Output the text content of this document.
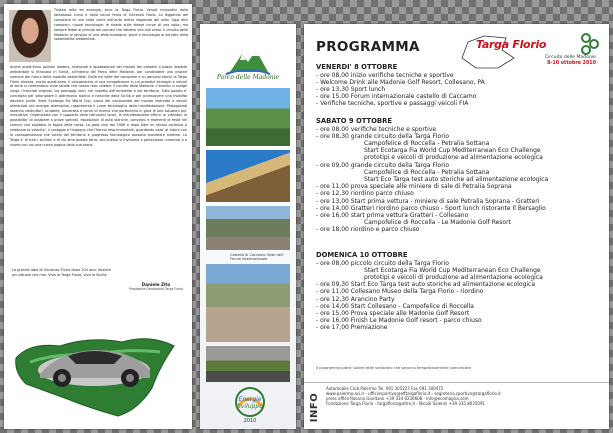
Tiziana mito ed ecologia, ecco la Targa Florio. Veicoli innovativi dalla fantasiosa curva e dalla sicura firma di Vincenzo Florio. La leggenda del campione di una volta come dall'auto mitica leggenda del mito. Oggi altri campioni, nuove tecnologie: le strade sulle stesse curve di una volta, ma sempre fedeli ai principi dei pionieri che diedero vita alla corsa. Il circuito delle Madonie al servizio di una sfida ecologica: sport e tecnologia al servizio della sostenibilita ambientale.

Anche quest'anno opinion leaders, scienziati e appassionati del mondo dei prodotti a basso impatto ambientale si ritrovano in Sicilia, all'interno del Parco delle Madonie, per condividere una visione comune del futuro della mobilita sostenibile. Dalla tre volte del campione e su percorsi storici la Targa Florio diventa, anche quest'anno, il palcoscenico di una competizione in cui prototipi ecologici e veicoli di serie si confrontano sulle strade che hanno reso celebre il circuito delle Madonie. L'evento si svolge lungo i tracciati originali, tra paesaggi unici, nel rispetto dell'ambiente e del territorio. Tutto questo e' concepito per valorizzare il patrimonio storico e naturale della Sicilia e per promuovere una mobilita davvero pulita. Start Ecotarga Fia World Cup, prova del campionato del mondo riservata a veicoli alimentati con energie alternative, rappresenta il cuore tecnologico della manifestazione. Protagonisti saranno costruttori, scuderie, universita e centri di ricerca che porteranno in gara le loro soluzioni piu' innovative. Organizzata con il supporto delle istituzioni locali, la manifestazione offrira' ai visitatori la possibilita' di assistere a prove speciali, esposizioni di auto storiche, convegni e momenti di festa nei comuni che ospitano le tappe della corsa. La gara vive dal 1906 e dopo oltre un secolo continua a celebrare la velocita', il coraggio e l'ingegno che l'hanno resa immortale, guardando pero' al futuro con la consapevolezza che tutela del territorio e progresso tecnologico possono procedere insieme. La Targa e' di tutti i siciliani e di chi ama questa terra: per questo vi invitiamo a partecipare numerosi e a vivere con noi una nuova pagina della sua storia.

La grande idea di Vincenzo Florio dopo 104 anni diventa piu attuale che mai. Viva la Targa Florio, viva la Sicilia.
Daniele Zito
Presidente Fondazione Targa Florio
Parco delle Madonie
Castello di Caccamo Sede dell' Forum internazionale
Energie
Sviluppo
2010
PROGRAMMA	Targa Florio
Circuito delle Madonie
8-10 ottobre 2010

VENERDI' 8 OTTOBRE

- ore 08,00 inizio verifiche tecniche e sportive

- Welcome Drink alle Madonie Golf Resort, Collesano, PA

- ore 13,30 Sport lunch

- ore 15,00 Forum internazionale castello di Caccamo

- Verifiche tecniche, sportive e passaggi veicoli FIA

SABATO 9 OTTOBRE

- ore 08,00 verifiche tecniche e sportive

- ore 08,30 grande circuito della Targa Florio

Campofelice di Roccella - Petralia Sottana

Start Ecotarga Fia World Cup Mediterranean Eco Challenge

prototipi e veicoli di produzione ad alimentazione ecologica

- ore 09,00 grande circuito della Targa Florio

Campofelice di Roccella - Petralia Sottana

Start Eco Targa test auto storiche ad alimentazione ecologica

- ore 11,00 prova speciale alle miniere di sale di Petralia Soprana

- ore 12,30 riordino parco chiuso

- ore 13,00 Start prima vettura - miniere di sale Petralia Soprana - Gratteri

- ore 14,00 Gratteri riordino parco chiuso - Sport lunch ristorante Il Bersaglio

- ore 16,00 start prima vettura Gratteri - Collesano

Campofelice di Roccella - Le Madonie Golf Resort

- ore 18,00 riordino e parco chiuso

DOMENICA 10 OTTOBRE

- ore 08,00 piccolo circuito della Targa Florio

Start Ecotarga Fia World Cup Mediterranean Eco Challenge

prototipi e veicoli di produzione ad alimentazione ecologica

- ore 09,30 Start Eco Targa test auto storiche ad alimentazione ecologica

- ore 11,00 Collesano Museo della Targa Florio - riordino

- ore 12,30 Arancino Party

- ore 14,00 Start Collesano - Campofelice di Roccella

- ore 15,00 Prova speciale alle Madonie Golf Resort

- ore 16,00 Finish Le Madonie Golf resort - parco chiuso

- ore 17,00 Premiazione

Il programma potra' subire delle variazioni che saranno tempestivamente comunicate
INFO

Automobile Club Palermo Tel. 091 305227 Fax 091 300472

www.palermo.aci.it - ufficiosportivo@efftargaflorio.it - segreteria.sportiva@targaflorio.it

press office Rosario Giordano +39 334 9230608 - info@ecomagna.com

Fondazione Targa Florio - targaflorio@altre.it - Nicolò Saienni +39 335 8025091
